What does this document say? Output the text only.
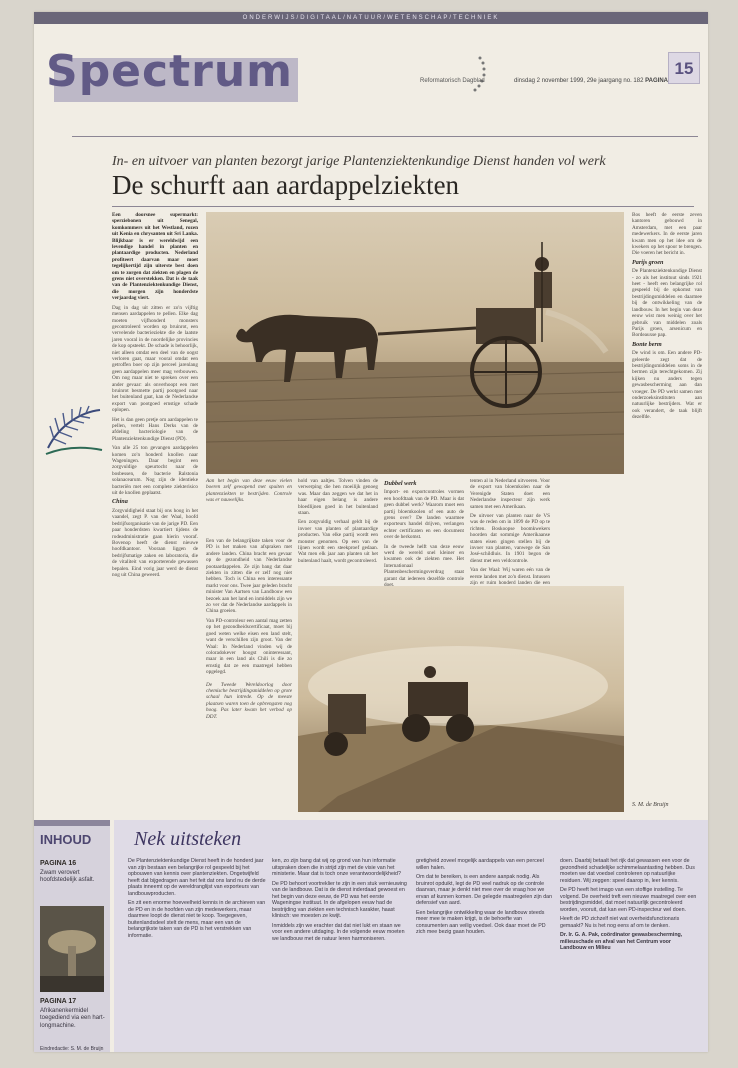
ONDERWIJS/DIGITAAL/NATUUR/WETENSCHAP/TECHNIEK
Spectrum	Reformatorisch Dagblad	dinsdag 2 november 1999, 29e jaargang no. 182 PAGINA
15
In- en uitvoer van planten bezorgt jarige Plantenziektenkundige Dienst handen vol werk
De schurft aan aardappelziekten

Een doorsnee supermarkt: sperziebonen uit Senegal, komkommers uit het Westland, rozen uit Kenia en chrysanten uit Sri Lanka. Blijkbaar is er wereldwijd een levendige handel in planten en plantaardige producten. Nederland profiteert daarvan maar moet tegelijkertijd zijn uiterste best doen om te zorgen dat ziekten en plagen de grens niet overstekken. Dat is de taak van de Plantenziektenkundige Dienst, die morgen zijn honderdste verjaardag viert.

Dag in dag uit zitten er zo'n vijftig mensen aardappelen te pellen. Elke dag moeten vijfhonderd monsters gecontroleerd worden op bruinrot, een vervelende bacterieziekte die de laatste jaren vooral in de noordelijke provincies de kop opsteekt. De schade is behoorlijk, niet alleen omdat een deel van de oogst verloren gaat, maar vooral omdat een getroffen boer op zijn perceel jarenlang geen aardappelen meer mag verbouwen. Om nog maar niet te spreken over een ander gevaar: als onverhoopt een met bruinrot besmette partij pootgoed naar het buitenland gaat, kan de Nederlandse export van pootgoed ernstige schade oplopen.

Het is dan geen pretje om aardappelen te pellen, vertelt Hans Derks van de afdeling bacteriologie van de Plantenziektenkundige Dienst (PD).

Van alle 25 ton gevangen aardappelen komen zo'n honderd knollen naar Wageningen. Daar begint een zorgvuldige speurtocht naar de bosbessen, de bacterie Ralstonia solanacearum. Nog zijn de identieke bacteriën met een complete ziekterisico uit de knollen geplaatst.

China

Zorgvuldigheid staat bij ons hoog in het vaandel, zegt P. van der Waal, hoofd bedrijfsorganisatie van de jarige PD. Een paar honderdsten kwartiert tijdens de rodeadministratie gaan hierin vooraf. Bovenop heeft de dienst nieuwe hoofdkantoor. Vooraan liggen de bedrijfsmatige zaken en laboratoria, die de vitaliteit van exporterende gewassen bepalen. Eind vorig jaar werd de dienst nog uit China geweerd.

Aan het begin van deze eeuw vielen boeren zelf gewapend met spuiten en plantenziekten te bestrijden. Controle was er nauwelijks.

Een van de belangrijkste taken voor de PD is het maken van afspraken met andere landen. China bracht een gevaar op de gezondheid van Nederlandse pootaardappelen. Ze zijn bang dat daar ziekten in zitten die er zelf nog niet hebben. Toch is China een interessante markt voor ons. Twee jaar geleden bracht minister Van Aartsen van Landbouw een bezoek aan het land en inmiddels zijn we zo ver dat de Nederlandse aardappels in China groeien.

Van PD-controleur een aantal mag zetten op het gezondheidscertificaat, moet bij goed weten welke eisen een land stelt, want de verschillen zijn groot. Van der Waal: In Nederland vinden wij de coloradokever hoogst oninteressant, maar in een land als Chili is die zo ernstig dat ze een maatregel hebben opgelegd.

De Tweede Wereldoorlog door chemische bestrijdingsmiddelen op grote schaal hun intrede. Op de meeste plaatsen waren toen de opbrengsten nog hoog. Pas later kwam het verbod op DDT.

hold van aaltjes. Tolven vinden de verwerping die hen moeilijk genoeg was. Maar dan zeggen we dat het in haar eigen belang is andere bloedlijnen goed in het buitenland staan.

Een zorgvuldig verhaal geldt bij de invoer van planten of plantaardige producten. Van elke partij wordt een monster genomen. Op een van de lijnen wordt een steekproef gedaan. Wat men elk jaar aan planten uit het buitenland haalt, wordt gecontroleerd.

Dubbel werk

Import- en exportcontroles vormen een hoofdtaak van de PD. Maar is dat geen dubbel werk? Waarom moet een partij bloemkoolen of een auto de grens over? De landen waarmee exporteurs handel drijven, verlangen echter certificaten en een document over de herkomst.

In de tweede helft van deze eeuw werd de wereld snel kleiner en kwamen ook de ziekten mee. Het Internationaal Plantenbeschermingsverdrag staat garant dat iedereen dezelfde controle

tenten al in Nederland uitvoeren. Voor de export van bloemkolen naar de Verenigde Staten doet een Nederlandse inspecteur zijn werk samen met een Amerikaan.

De uitvoer van planten naar de VS was de reden om in 1899 de PD op te richten. Boskoopse boomkwekers hoorden dat sommige Amerikaanse staten eisen gingen stellen bij de invoer van planten, vanwege de San José-schildluis. In 1901 begon de dienst met een veldcontrole.

Van der Waal: Wij waren eén van de eerste landen met zo'n dienst. Intussen zijn er ruim honderd landen die een

S. M. de Bruijn

Bos heeft de eerste zeven kantoren gebouwd in Amsterdam, met een paar medewerkers. In de eerste jaren kwam men op het idee om de kwekers op het spoor te brengen. Die voeren het bericht in.

Parijs groen

De Plantenziektenkundige Dienst - zo als het instituut sinds 1921 heet - heeft een belangrijke rol gespeeld bij de opkomst van bestrijdingsmiddelen en daarmee bij de ontwikkeling van de landbouw. In het begin van deze eeuw wist men weinig over het gebruik van middelen zoals Parijs groen, arsenicum en Bordeauxse pap.

Bonte berm

De wind is om. Een andere PD-geleerde zegt dat de bestrijdingsmiddelen soms in de bermen zijn terechtgekomen. Zij kijken nu anders tegen gewasbescherming aan dan vroeger. De PD werkt samen met onderzoeksinstituten aan natuurlijke bestrijders. Wat er ook verandert, de taak blijft dezelfde.

INHOUD
PAGINA 16
Zwam verovert hoofdstedelijk asfalt.
PAGINA 17
Afrikanenkermidel toegediend via een hart-longmachine.
Eindredactie: S. M. de Bruijn
Nek uitsteken

De Plantenziektenkundige Dienst heeft in de honderd jaar van zijn bestaan een belangrijke rol gespeeld bij het opbouwen van kennis over plantenziekten. Ongetwijfeld heeft dat bijgedragen aan het feit dat ons land nu de derde plaats inneemt op de wereldranglijst van exporteurs van landbouwproducten.

En zit een enorme hoeveelheid kennis in de archieven van de PD en in de hoofden van zijn medewerkers, maar daarmee loopt de dienst niet te koop. Toegegeven, buitenlandsdeel stelt de mens, maar een van de belangrijkste taken van de PD is het verstrekken van informatie.

ken, zo zijn bang dat wij op grond van hun informatie uitspraken doen die in strijd zijn met de visie van het ministerie. Maar dat is toch onze verantwoordelijkheid?

De PD behoort voortreklier te zijn in een stuk vernieuwing van de landbouw. Dat is de dienst inderdaad gewoest en het begin van deze eeuw, de PD was het eerste Wageningse instituut. In de afgelopen eeuw had de bestrijding van ziekten een technisch karakter, haast klinisch: we moesten ze kwijt.

Inmiddels zijn we erachter dat dat niet lukt en staan we voor een andere uitdaging. In de volgende eeuw moeten we landbouw met de natuur leren harmoniseren.

gretigheid zoveel mogelijk aardappels van een perceel willen halen.

Om dat te bereiken, is een andere aanpak nodig. Als bruinrot opduikt, legt de PD veel nadruk op de controle daarvan, maar je denkt niet mee over de vraag hoe we ervan af kunnen komen. De gelegde maatregelen zijn dan defensief van aard.

Een belangrijke ontwikkeling waar de landbouw steeds meer mee te maken krijgt, is de behoefte van consumenten aan veilig voedsel. Ook daar moet de PD zich mee bezig gaan houden.

doen. Daarbij betaalt het rijk dat gewassen een voor de gezondheid schadelijke schimmelaantasting hebben. Dus moeten we dat voedsel controleren op natuurlijke residuen. Wij zeggen: speel daarop in, leer kennis.

De PD heeft het imago van een stoffige instelling. Te volgend. De overheid treft een nieuwe maatregel over een bestrijdingsmiddel, dat moet natuurlijk gecontroleerd worden, vooruit, dat kan een PD-inspecteur wel doen.

Heeft de PD zichzelf niet wat overheidsfunctionaris gemaakt? Nu is het nog eens af om te denken.

Dr. Ir. G. A. Pak, coördinator gewasbescherming, milieuschade en afval van het Centrum voor Landbouw en Milieu
